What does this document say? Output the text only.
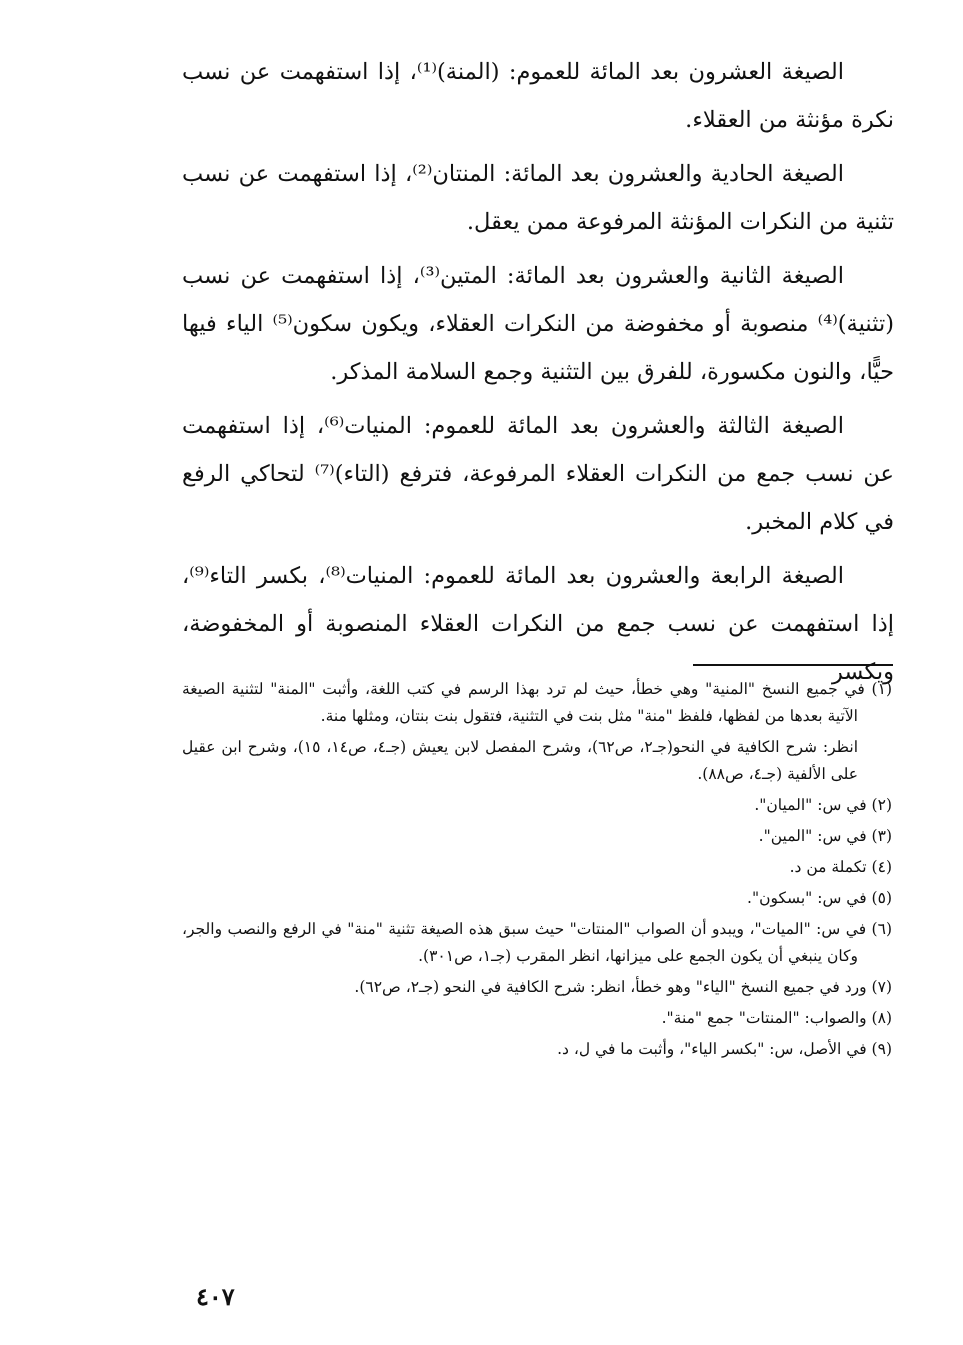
الصيغة العشرون بعد المائة للعموم: (المنة)⁽¹⁾، إذا استفهمت عن نسب نكرة مؤنثة من العقلاء.

الصيغة الحادية والعشرون بعد المائة: المنتان⁽²⁾، إذا استفهمت عن نسب تثنية من النكرات المؤنثة المرفوعة ممن يعقل.

الصيغة الثانية والعشرون بعد المائة: المتين⁽³⁾، إذا استفهمت عن نسب (تثنية)⁽⁴⁾ منصوبة أو مخفوضة من النكرات العقلاء، ويكون سكون⁽⁵⁾ الياء فيها حيًّا، والنون مكسورة، للفرق بين التثنية وجمع السلامة المذكر.

الصيغة الثالثة والعشرون بعد المائة للعموم: المنيات⁽⁶⁾، إذا استفهمت عن نسب جمع من النكرات العقلاء المرفوعة، فترفع (التاء)⁽⁷⁾ لتحاكي الرفع في كلام المخبر.

الصيغة الرابعة والعشرون بعد المائة للعموم: المنيات⁽⁸⁾، بكسر التاء⁽⁹⁾، إذا استفهمت عن نسب جمع من النكرات العقلاء المنصوبة أو المخفوضة، ويكسر

(١) في جميع النسخ "المنية" وهي خطأ، حيث لم ترد بهذا الرسم في كتب اللغة، وأثبت "المنة" لتثنية الصيغة الآتية بعدها من لفظها، فلفظ "منة" مثل بنت في التثنية، فتقول بنت بنتان، ومثلها منة.

انظر: شرح الكافية في النحو(جـ٢، ص٦٢)، وشرح المفصل لابن يعيش (جـ٤، ص١٤، ١٥)، وشرح ابن عقيل على الألفية (جـ٤، ص٨٨).

(٢) في س: "الميان".

(٣) في س: "المين".

(٤) تكملة من د.

(٥) في س: "بسكون".

(٦) في س: "الميات"، ويبدو أن الصواب "المنتات" حيث سبق هذه الصيغة تثنية "منة" في الرفع والنصب والجر، وكان ينبغي أن يكون الجمع على ميزانها، انظر المقرب (جـ١، ص٣٠١).

(٧) ورد في جميع النسخ "الياء" وهو خطأ، انظر: شرح الكافية في النحو (جـ٢، ص٦٢).

(٨) والصواب: "المنتات" جمع "منة".

(٩) في الأصل، س: "بكسر الياء"، وأثبت ما في ل، د.

٤٠٧
